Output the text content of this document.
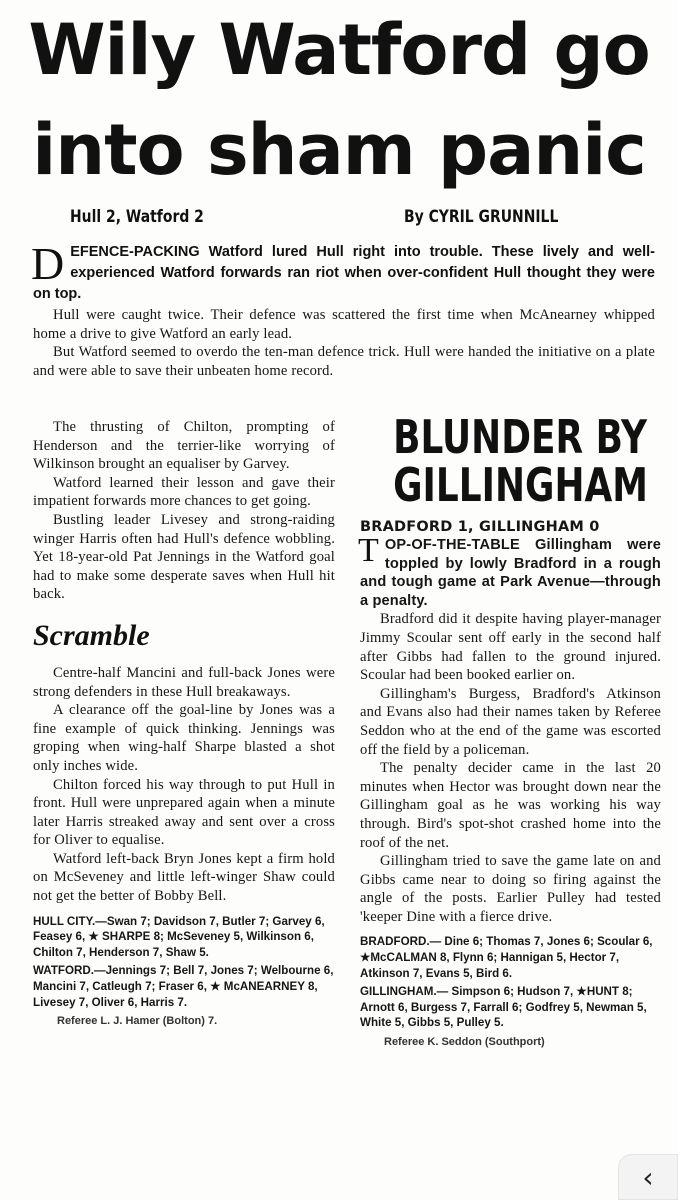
Wily Watford go
into sham panic
Hull 2, Watford 2	By CYRIL GRUNNILL

DEFENCE-PACKING Watford lured Hull right into trouble. These lively and well-experienced Watford forwards ran riot when over-confident Hull thought they were on top.

Hull were caught twice. Their defence was scattered the first time when McAnearney whipped home a drive to give Watford an early lead.

But Watford seemed to overdo the ten-man defence trick. Hull were handed the initiative on a plate and were able to save their unbeaten home record.

The thrusting of Chilton, prompting of Henderson and the terrier-like worrying of Wilkinson brought an equaliser by Garvey.

Watford learned their lesson and gave their impatient forwards more chances to get going.

Bustling leader Livesey and strong-raiding winger Harris often had Hull's defence wobbling. Yet 18-year-old Pat Jennings in the Watford goal had to make some desperate saves when Hull hit back.

Scramble

Centre-half Mancini and full-back Jones were strong defenders in these Hull breakaways.

A clearance off the goal-line by Jones was a fine example of quick thinking. Jennings was groping when wing-half Sharpe blasted a shot only inches wide.

Chilton forced his way through to put Hull in front. Hull were unprepared again when a minute later Harris streaked away and sent over a cross for Oliver to equalise.

Watford left-back Bryn Jones kept a firm hold on McSeveney and little left-winger Shaw could not get the better of Bobby Bell.

HULL CITY.—Swan 7; Davidson 7, Butler 7; Garvey 6, Feasey 6, ★ SHARPE 8; McSeveney 5, Wilkinson 6, Chilton 7, Henderson 7, Shaw 5.

WATFORD.—Jennings 7; Bell 7, Jones 7; Welbourne 6, Mancini 7, Catleugh 7; Fraser 6, ★ McANEARNEY 8, Livesey 7, Oliver 6, Harris 7.

Referee L. J. Hamer (Bolton) 7.
BLUNDER BY
GILLINGHAM
BRADFORD 1, GILLINGHAM 0

TOP-OF-THE-TABLE Gillingham were toppled by lowly Bradford in a rough and tough game at Park Avenue—through a penalty.

Bradford did it despite having player-manager Jimmy Scoular sent off early in the second half after Gibbs had fallen to the ground injured. Scoular had been booked earlier on.

Gillingham's Burgess, Bradford's Atkinson and Evans also had their names taken by Referee Seddon who at the end of the game was escorted off the field by a policeman.

The penalty decider came in the last 20 minutes when Hector was brought down near the Gillingham goal as he was working his way through. Bird's spot-shot crashed home into the roof of the net.

Gillingham tried to save the game late on and Gibbs came near to doing so firing against the angle of the posts. Earlier Pulley had tested 'keeper Dine with a fierce drive.

BRADFORD.— Dine 6; Thomas 7, Jones 6; Scoular 6, ★McCALMAN 8, Flynn 6; Hannigan 5, Hector 7, Atkinson 7, Evans 5, Bird 6.

GILLINGHAM.— Simpson 6; Hudson 7, ★HUNT 8; Arnott 6, Burgess 7, Farrall 6; Godfrey 5, Newman 5, White 5, Gibbs 5, Pulley 5.

Referee K. Seddon (Southport)
‹
